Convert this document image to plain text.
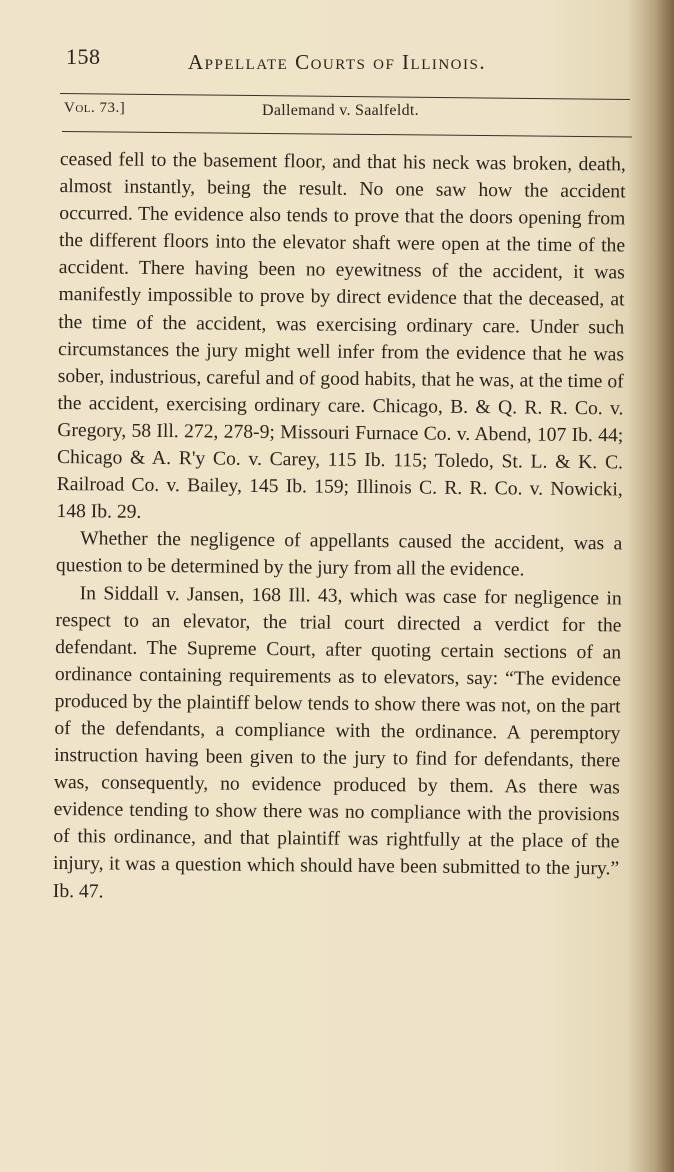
158	Appellate Courts of Illinois.
Vol. 73.]	Dallemand v. Saalfeldt.

ceased fell to the basement floor, and that his neck was broken, death, almost instantly, being the result. No one saw how the accident occurred. The evidence also tends to prove that the doors opening from the different floors into the elevator shaft were open at the time of the accident. There having been no eyewitness of the accident, it was manifestly impossible to prove by direct evidence that the deceased, at the time of the accident, was exercising ordinary care. Under such circumstances the jury might well infer from the evidence that he was sober, industrious, careful and of good habits, that he was, at the time of the accident, exercising ordinary care. Chicago, B. & Q. R. R. Co. v. Gregory, 58 Ill. 272, 278-9; Missouri Furnace Co. v. Abend, 107 Ib. 44; Chicago & A. R'y Co. v. Carey, 115 Ib. 115; Toledo, St. L. & K. C. Railroad Co. v. Bailey, 145 Ib. 159; Illinois C. R. R. Co. v. Nowicki, 148 Ib. 29.

Whether the negligence of appellants caused the accident, was a question to be determined by the jury from all the evidence.

In Siddall v. Jansen, 168 Ill. 43, which was case for negligence in respect to an elevator, the trial court directed a verdict for the defendant. The Supreme Court, after quoting certain sections of an ordinance containing requirements as to elevators, say: “The evidence produced by the plaintiff below tends to show there was not, on the part of the defendants, a compliance with the ordinance. A peremptory instruction having been given to the jury to find for defendants, there was, consequently, no evidence produced by them. As there was evidence tending to show there was no compliance with the provisions of this ordinance, and that plaintiff was rightfully at the place of the injury, it was a question which should have been submitted to the jury.” Ib. 47.
